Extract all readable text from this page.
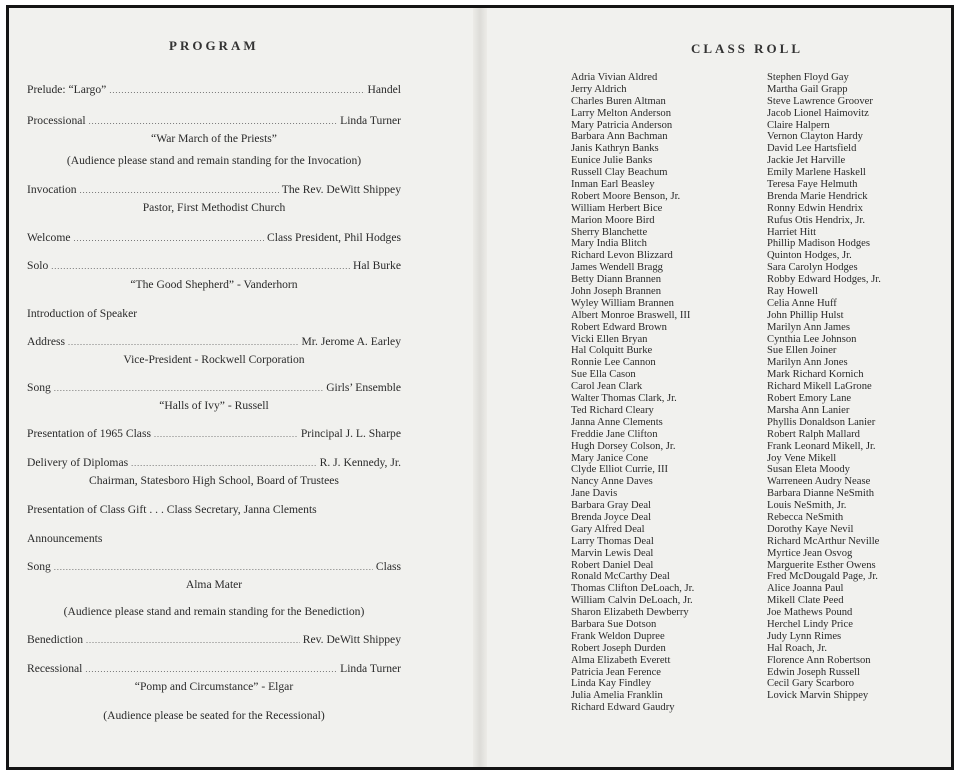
PROGRAM
Prelude: “Largo” .....	Handel
Processional .....	Linda Turner
“War March of the Priests”
(Audience please stand and remain standing for the Invocation)
Invocation .....	The Rev. DeWitt Shippey
Pastor, First Methodist Church
Welcome .....	Class President, Phil Hodges
Solo .....	Hal Burke
“The Good Shepherd” - Vanderhorn
Introduction of Speaker
Address .....	Mr. Jerome A. Earley
Vice-President - Rockwell Corporation
Song .....	Girls’ Ensemble
“Halls of Ivy” - Russell
Presentation of 1965 Class .....	Principal J. L. Sharpe
Delivery of Diplomas .....	R. J. Kennedy, Jr.
Chairman, Statesboro High School, Board of Trustees
Presentation of Class Gift . . . Class Secretary, Janna Clements
Announcements
Song .....	Class
Alma Mater
(Audience please stand and remain standing for the Benediction)
Benediction .....	Rev. DeWitt Shippey
Recessional .....	Linda Turner
“Pomp and Circumstance” - Elgar
(Audience please be seated for the Recessional)
CLASS ROLL
Adria Vivian Aldred
Jerry Aldrich
Charles Buren Altman
Larry Melton Anderson
Mary Patricia Anderson
Barbara Ann Bachman
Janis Kathryn Banks
Eunice Julie Banks
Russell Clay Beachum
Inman Earl Beasley
Robert Moore Benson, Jr.
William Herbert Bice
Marion Moore Bird
Sherry Blanchette
Mary India Blitch
Richard Levon Blizzard
James Wendell Bragg
Betty Diann Brannen
John Joseph Brannen
Wyley William Brannen
Albert Monroe Braswell, III
Robert Edward Brown
Vicki Ellen Bryan
Hal Colquitt Burke
Ronnie Lee Cannon
Sue Ella Cason
Carol Jean Clark
Walter Thomas Clark, Jr.
Ted Richard Cleary
Janna Anne Clements
Freddie Jane Clifton
Hugh Dorsey Colson, Jr.
Mary Janice Cone
Clyde Elliot Currie, III
Nancy Anne Daves
Jane Davis
Barbara Gray Deal
Brenda Joyce Deal
Gary Alfred Deal
Larry Thomas Deal
Marvin Lewis Deal
Robert Daniel Deal
Ronald McCarthy Deal
Thomas Clifton DeLoach, Jr.
William Calvin DeLoach, Jr.
Sharon Elizabeth Dewberry
Barbara Sue Dotson
Frank Weldon Dupree
Robert Joseph Durden
Alma Elizabeth Everett
Patricia Jean Ference
Linda Kay Findley
Julia Amelia Franklin
Richard Edward Gaudry
Stephen Floyd Gay
Martha Gail Grapp
Steve Lawrence Groover
Jacob Lionel Haimovitz
Claire Halpern
Vernon Clayton Hardy
David Lee Hartsfield
Jackie Jet Harville
Emily Marlene Haskell
Teresa Faye Helmuth
Brenda Marie Hendrick
Ronny Edwin Hendrix
Rufus Otis Hendrix, Jr.
Harriet Hitt
Phillip Madison Hodges
Quinton Hodges, Jr.
Sara Carolyn Hodges
Robby Edward Hodges, Jr.
Ray Howell
Celia Anne Huff
John Phillip Hulst
Marilyn Ann James
Cynthia Lee Johnson
Sue Ellen Joiner
Marilyn Ann Jones
Mark Richard Kornich
Richard Mikell LaGrone
Robert Emory Lane
Marsha Ann Lanier
Phyllis Donaldson Lanier
Robert Ralph Mallard
Frank Leonard Mikell, Jr.
Joy Vene Mikell
Susan Eleta Moody
Warreneen Audry Nease
Barbara Dianne NeSmith
Louis NeSmith, Jr.
Rebecca NeSmith
Dorothy Kaye Nevil
Richard McArthur Neville
Myrtice Jean Osvog
Marguerite Esther Owens
Fred McDougald Page, Jr.
Alice Joanna Paul
Mikell Clate Peed
Joe Mathews Pound
Herchel Lindy Price
Judy Lynn Rimes
Hal Roach, Jr.
Florence Ann Robertson
Edwin Joseph Russell
Cecil Gary Scarboro
Lovick Marvin Shippey
